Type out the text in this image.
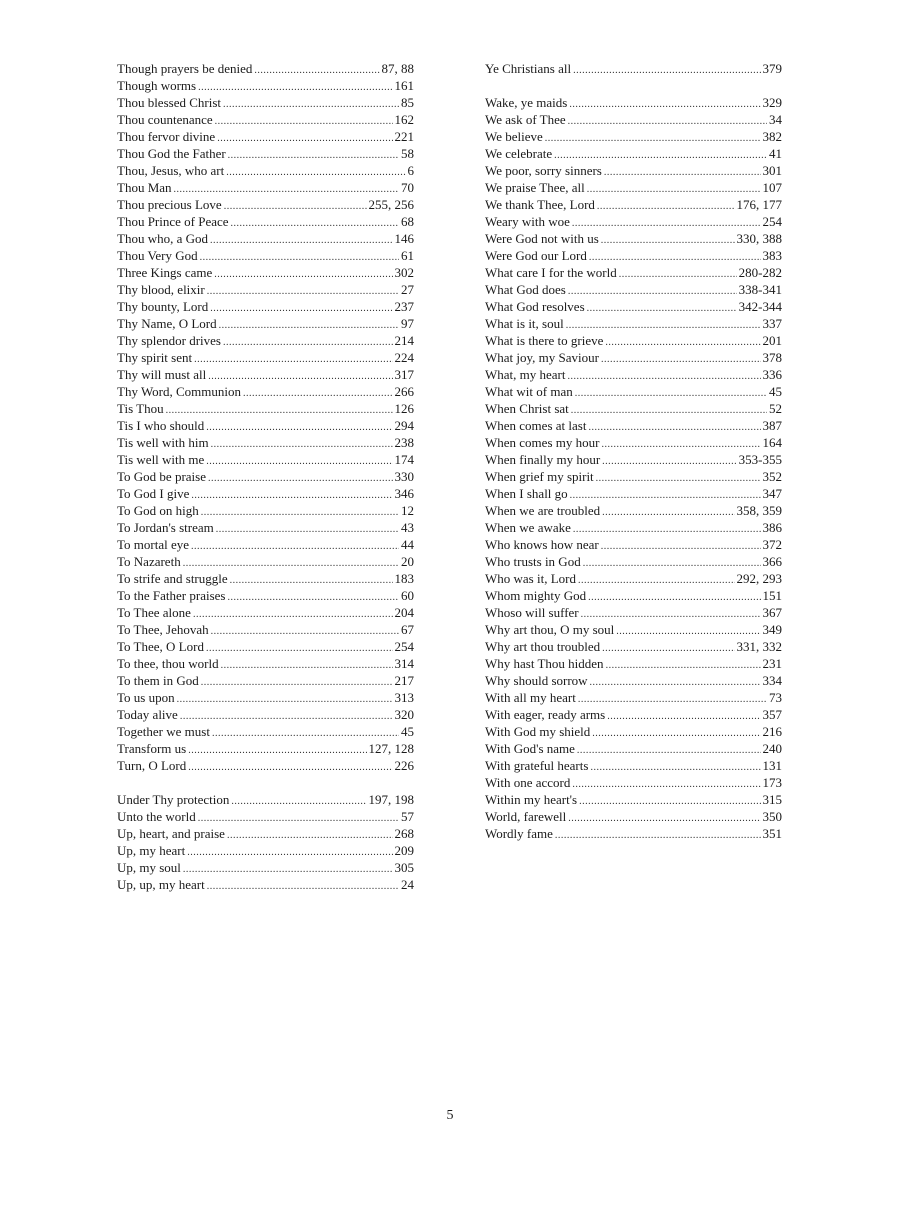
Though prayers be denied .....	87, 88
Though worms .....	161
Thou blessed Christ .....	85
Thou countenance .....	162
Thou fervor divine .....	221
Thou God the Father .....	58
Thou, Jesus, who art .....	6
Thou Man .....	70
Thou precious Love .....	255, 256
Thou Prince of Peace .....	68
Thou who, a God .....	146
Thou Very God .....	61
Three Kings came .....	302
Thy blood, elixir .....	27
Thy bounty, Lord .....	237
Thy Name, O Lord .....	97
Thy splendor drives .....	214
Thy spirit sent .....	224
Thy will must all .....	317
Thy Word, Communion .....	266
Tis Thou .....	126
Tis I who should .....	294
Tis well with him .....	238
Tis well with me .....	174
To God be praise .....	330
To God I give .....	346
To God on high .....	12
To Jordan's stream .....	43
To mortal eye .....	44
To Nazareth .....	20
To strife and struggle .....	183
To the Father praises .....	60
To Thee alone .....	204
To Thee, Jehovah .....	67
To Thee, O Lord .....	254
To thee, thou world .....	314
To them in God .....	217
To us upon .....	313
Today alive .....	320
Together we must .....	45
Transform us .....	127, 128
Turn, O Lord .....	226
Under Thy protection .....	197, 198
Unto the world .....	57
Up, heart, and praise .....	268
Up, my heart .....	209
Up, my soul .....	305
Up, up, my heart .....	24
Ye Christians all .....	379
Wake, ye maids .....	329
We ask of Thee .....	34
We believe .....	382
We celebrate .....	41
We poor, sorry sinners .....	301
We praise Thee, all .....	107
We thank Thee, Lord .....	176, 177
Weary with woe .....	254
Were God not with us .....	330, 388
Were God our Lord .....	383
What care I for the world .....	280-282
What God does .....	338-341
What God resolves .....	342-344
What is it, soul .....	337
What is there to grieve .....	201
What joy, my Saviour .....	378
What, my heart .....	336
What wit of man .....	45
When Christ sat .....	52
When comes at last .....	387
When comes my hour .....	164
When finally my hour .....	353-355
When grief my spirit .....	352
When I shall go .....	347
When we are troubled .....	358, 359
When we awake .....	386
Who knows how near .....	372
Who trusts in God .....	366
Who was it, Lord .....	292, 293
Whom mighty God .....	151
Whoso will suffer .....	367
Why art thou, O my soul .....	349
Why art thou troubled .....	331, 332
Why hast Thou hidden .....	231
Why should sorrow .....	334
With all my heart .....	73
With eager, ready arms .....	357
With God my shield .....	216
With God's name .....	240
With grateful hearts .....	131
With one accord .....	173
Within my heart's .....	315
World, farewell .....	350
Wordly fame .....	351
5
